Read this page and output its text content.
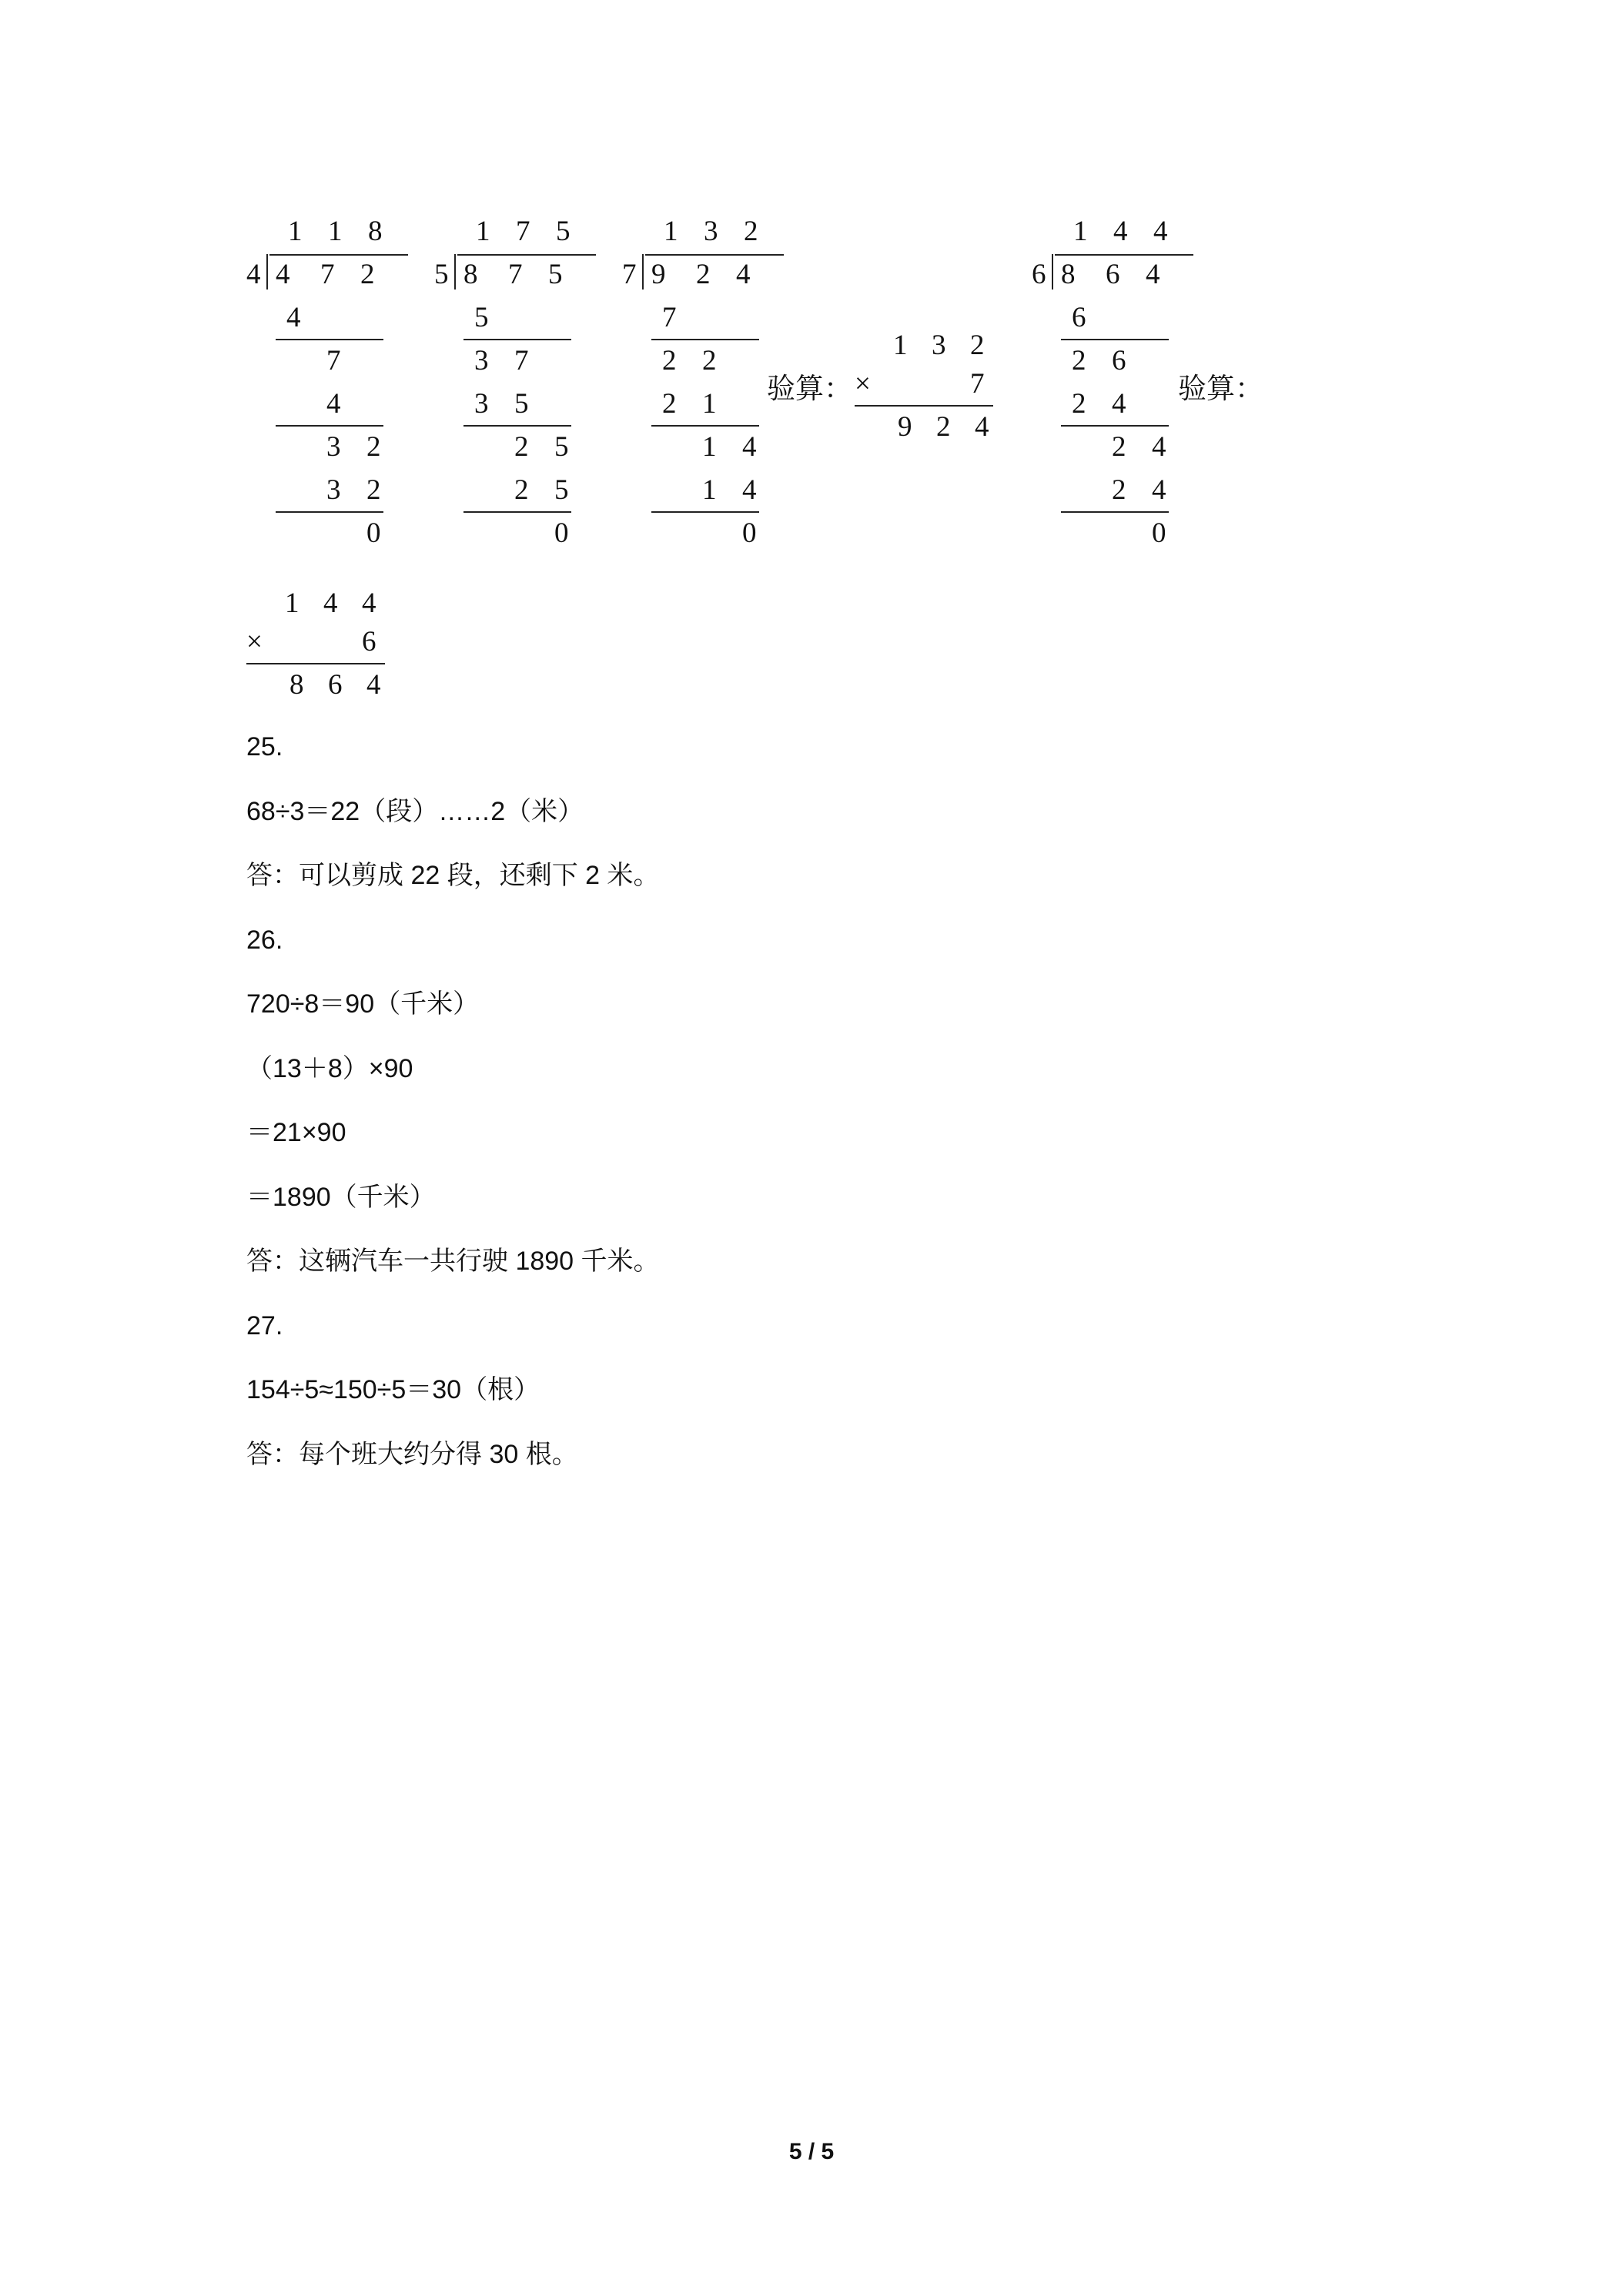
1 1 8
4 4 7 2
4
7
4
3 2
3 2
0
1 7 5
5 8 7 5
5
3 7
3 5
2 5
2 5
0
1 3 2
7 9 2 4
7
2 2
2 1
1 4
1 4
0
1 4 4
6 8 6 4
6
2 6
2 4
2 4
2 4
0
验算：	验算：
1 3 2
×	7
9 2 4
1 4 4
×	6
8 6 4
25.
68÷3＝22（段）……2（米）
答：可以剪成 22 段，还剩下 2 米。
26.
720÷8＝90（千米）
（13＋8）×90
＝21×90
＝1890（千米）
答：这辆汽车一共行驶 1890 千米。
27.
154÷5≈150÷5＝30（根）
答：每个班大约分得 30 根。
5 / 5
